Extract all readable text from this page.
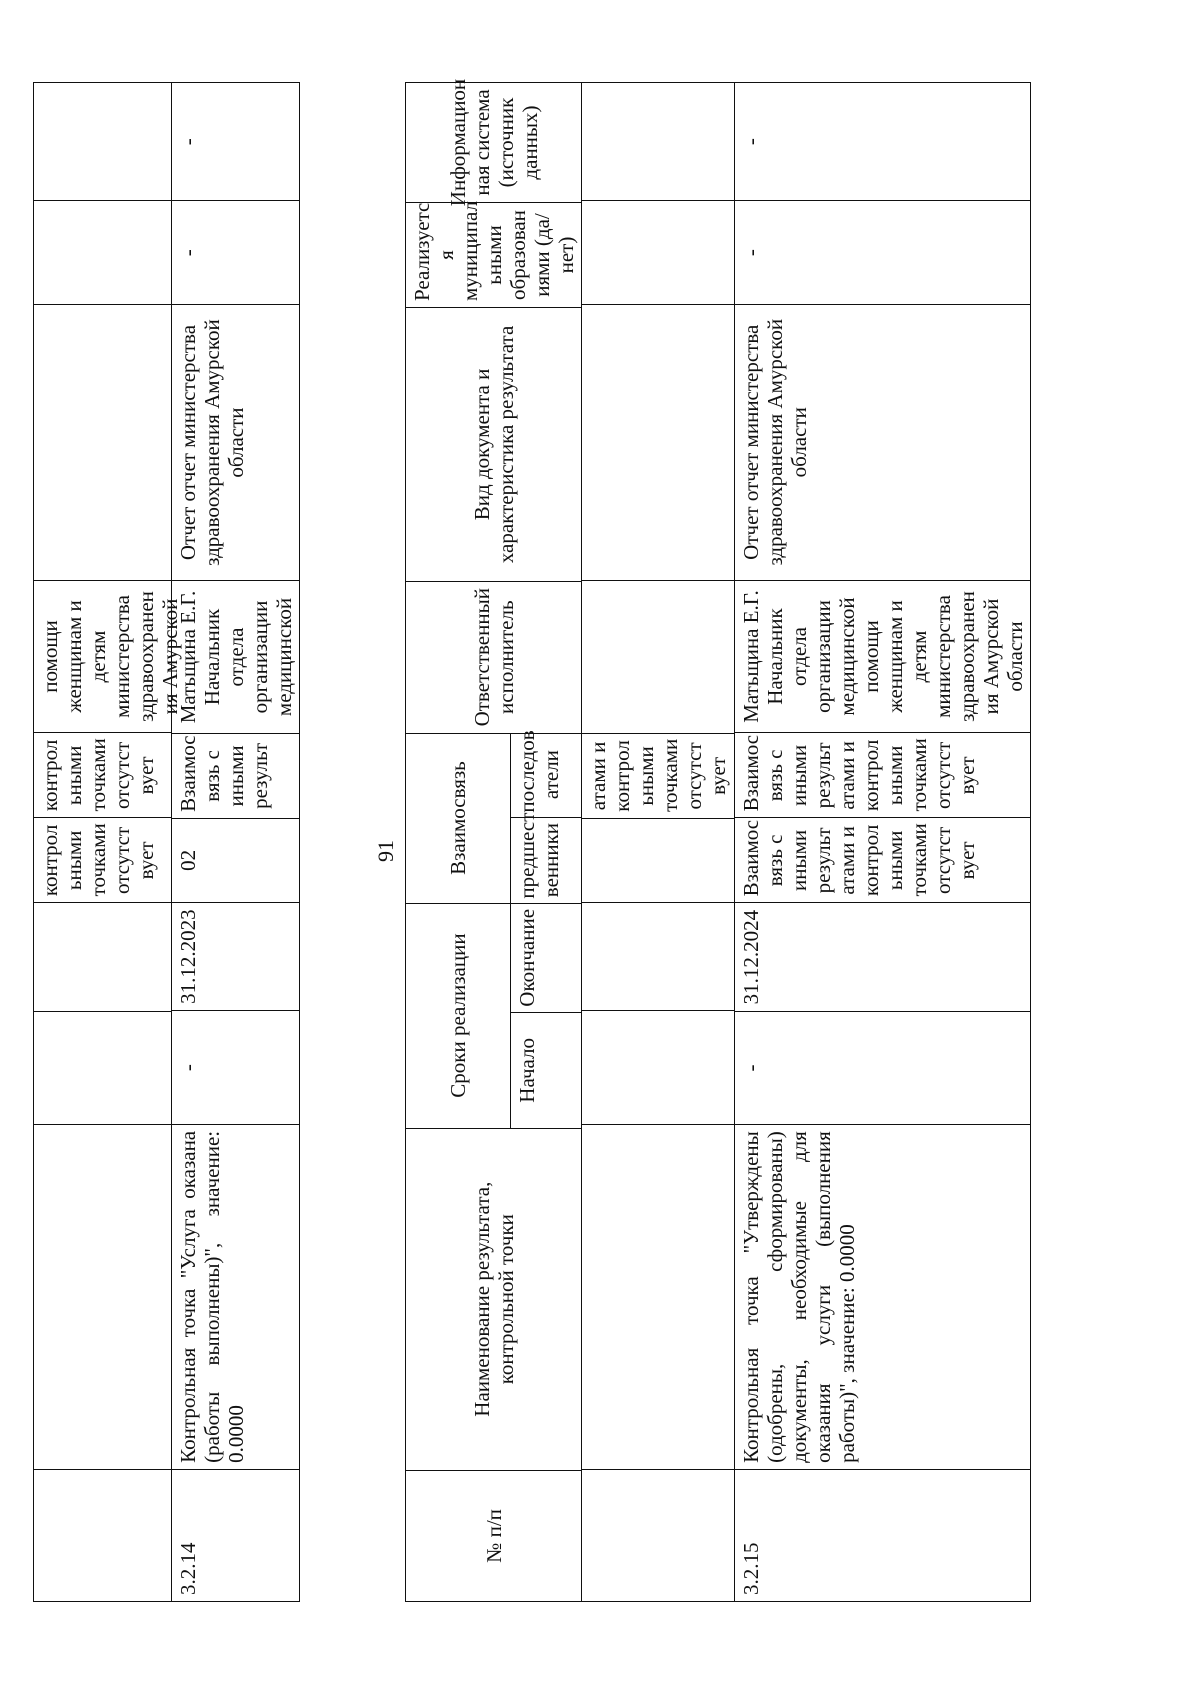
контрол ьными точками отсутст вует
контрол ьными точками отсутст вует
помощи женщинам и детям министерства здравоохранен ия Амурской
3.2.14
Контрольная точка "Услуга оказана (работы выполнены)", значение: 0.0000
-
31.12.2023
02
Взаимос вязь с иными результ
Матьщина Е.Г. Начальник отдела организации медицинской
Отчет отчет министерства здравоохранения Амурской области
-
-
91
№ п/п
Наименование результата, контрольной точки
Сроки реализации	Начало
Окончание
Взаимосвязь	предшест венники
последов атели
Ответственный исполнитель
Вид документа и характеристика результата
Реализуетс я муниципал ьными образован иями (да/нет)
Информацион ная система (источник данных)
атами и контрол ьными точками отсутст вует
3.2.15
Контрольная точка "Утверждены (одобрены, сформированы) документы, необходимые для оказания услуги (выполнения работы)", значение: 0.0000
-
31.12.2024
Взаимос вязь с иными результ атами и контрол ьными точками отсутст вует
Взаимос вязь с иными результ атами и контрол ьными точками отсутст вует
Матьщина Е.Г. Начальник отдела организации медицинской помощи женщинам и детям министерства здравоохранен ия Амурской области
Отчет отчет министерства здравоохранения Амурской области
-
-
